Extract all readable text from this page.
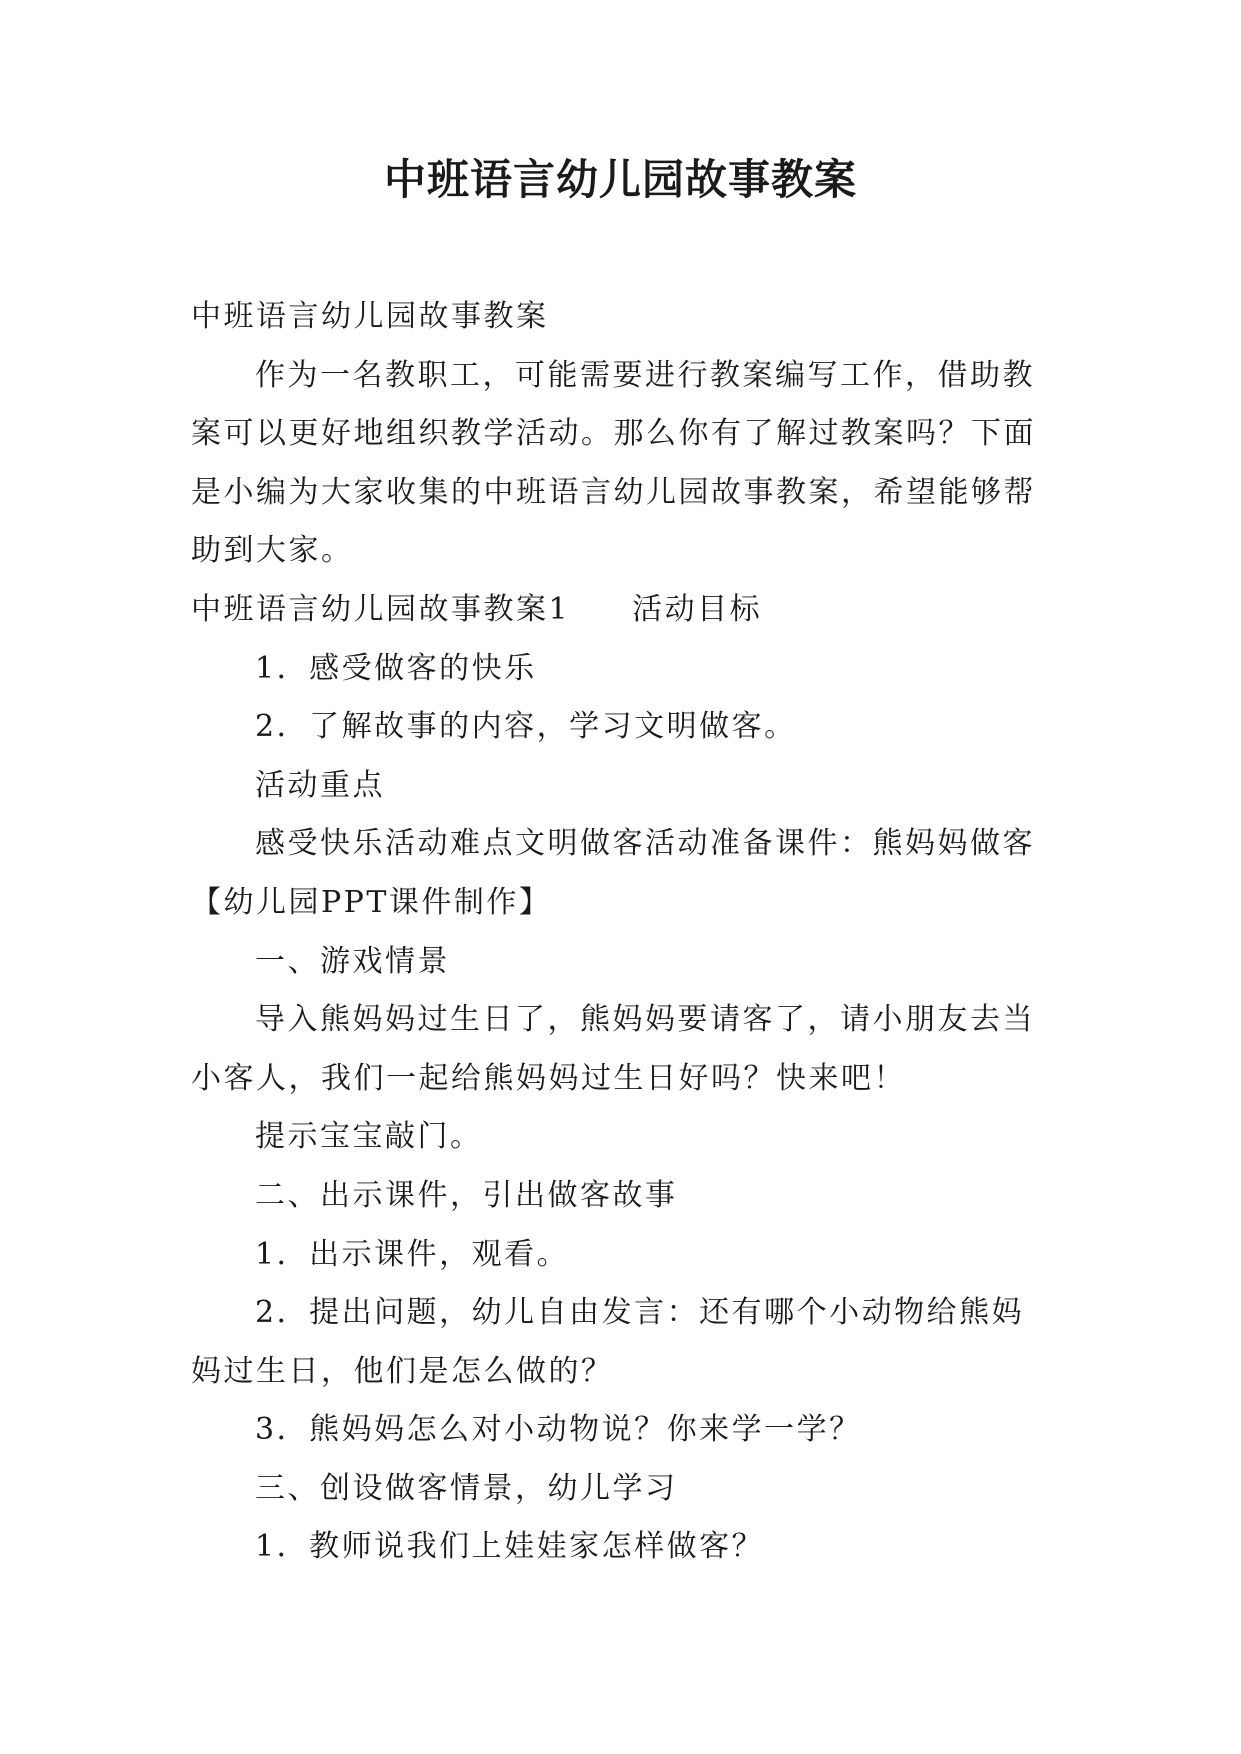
中班语言幼儿园故事教案

中班语言幼儿园故事教案

作为一名教职工，可能需要进行教案编写工作，借助教案可以更好地组织教学活动。那么你有了解过教案吗？下面是小编为大家收集的中班语言幼儿园故事教案，希望能够帮助到大家。

中班语言幼儿园故事教案1 活动目标

1．感受做客的快乐

2．了解故事的内容，学习文明做客。

活动重点

感受快乐活动难点文明做客活动准备课件：熊妈妈做客【幼儿园PPT课件制作】

一、游戏情景

导入熊妈妈过生日了，熊妈妈要请客了，请小朋友去当小客人，我们一起给熊妈妈过生日好吗？快来吧！

提示宝宝敲门。

二、出示课件，引出做客故事

1．出示课件，观看。

2．提出问题，幼儿自由发言：还有哪个小动物给熊妈妈过生日，他们是怎么做的？

3．熊妈妈怎么对小动物说？你来学一学？

三、创设做客情景，幼儿学习

1．教师说我们上娃娃家怎样做客？
